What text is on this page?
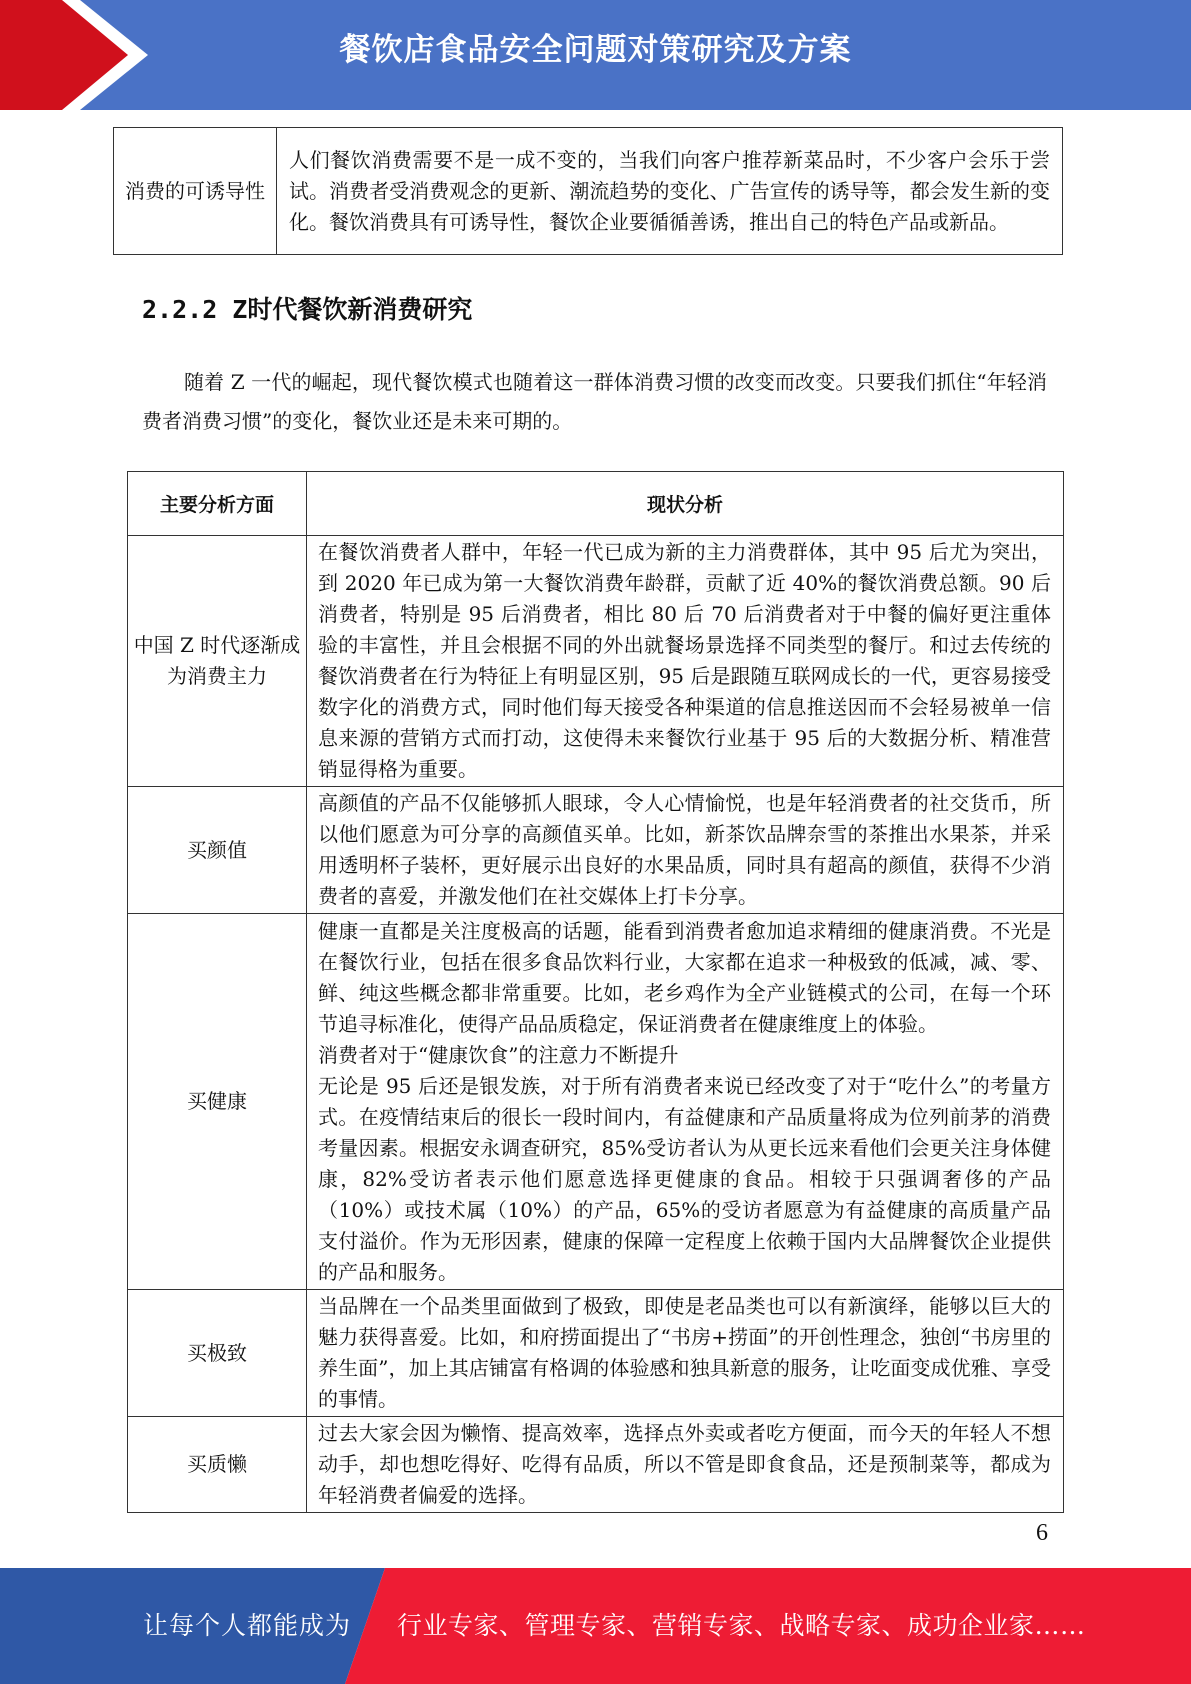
餐饮店食品安全问题对策研究及方案
消费的可诱导性	人们餐饮消费需要不是一成不变的，当我们向客户推荐新菜品时，不少客户会乐于尝试。消费者受消费观念的更新、潮流趋势的变化、广告宣传的诱导等，都会发生新的变化。餐饮消费具有可诱导性，餐饮企业要循循善诱，推出自己的特色产品或新品。
2.2.2 Z时代餐饮新消费研究

随着 Z 一代的崛起，现代餐饮模式也随着这一群体消费习惯的改变而改变。只要我们抓住“年轻消费者消费习惯”的变化，餐饮业还是未来可期的。

主要分析方面	现状分析
中国 Z 时代逐渐成为消费主力	在餐饮消费者人群中，年轻一代已成为新的主力消费群体，其中 95 后尤为突出，到 2020 年已成为第一大餐饮消费年龄群，贡献了近 40%的餐饮消费总额。90 后消费者，特别是 95 后消费者，相比 80 后 70 后消费者对于中餐的偏好更注重体验的丰富性，并且会根据不同的外出就餐场景选择不同类型的餐厅。和过去传统的餐饮消费者在行为特征上有明显区别，95 后是跟随互联网成长的一代，更容易接受数字化的消费方式，同时他们每天接受各种渠道的信息推送因而不会轻易被单一信息来源的营销方式而打动，这使得未来餐饮行业基于 95 后的大数据分析、精准营销显得格为重要。
买颜值	高颜值的产品不仅能够抓人眼球，令人心情愉悦，也是年轻消费者的社交货币，所以他们愿意为可分享的高颜值买单。比如，新茶饮品牌奈雪的茶推出水果茶，并采用透明杯子装杯，更好展示出良好的水果品质，同时具有超高的颜值，获得不少消费者的喜爱，并激发他们在社交媒体上打卡分享。
买健康	健康一直都是关注度极高的话题，能看到消费者愈加追求精细的健康消费。不光是在餐饮行业，包括在很多食品饮料行业，大家都在追求一种极致的低减，减、零、鲜、纯这些概念都非常重要。比如，老乡鸡作为全产业链模式的公司，在每一个环节追寻标准化，使得产品品质稳定，保证消费者在健康维度上的体验。
消费者对于“健康饮食”的注意力不断提升
无论是 95 后还是银发族，对于所有消费者来说已经改变了对于“吃什么”的考量方式。在疫情结束后的很长一段时间内，有益健康和产品质量将成为位列前茅的消费考量因素。根据安永调查研究，85%受访者认为从更长远来看他们会更关注身体健康，82%受访者表示他们愿意选择更健康的食品。相较于只强调奢侈的产品（10%）或技术属（10%）的产品，65%的受访者愿意为有益健康的高质量产品支付溢价。作为无形因素，健康的保障一定程度上依赖于国内大品牌餐饮企业提供的产品和服务。

买极致	当品牌在一个品类里面做到了极致，即使是老品类也可以有新演绎，能够以巨大的魅力获得喜爱。比如，和府捞面提出了“书房+捞面”的开创性理念，独创“书房里的养生面”，加上其店铺富有格调的体验感和独具新意的服务，让吃面变成优雅、享受的事情。
买质懒	过去大家会因为懒惰、提高效率，选择点外卖或者吃方便面，而今天的年轻人不想动手，却也想吃得好、吃得有品质，所以不管是即食食品，还是预制菜等，都成为年轻消费者偏爱的选择。
6
让每个人都能成为 行业专家、管理专家、营销专家、战略专家、成功企业家……
